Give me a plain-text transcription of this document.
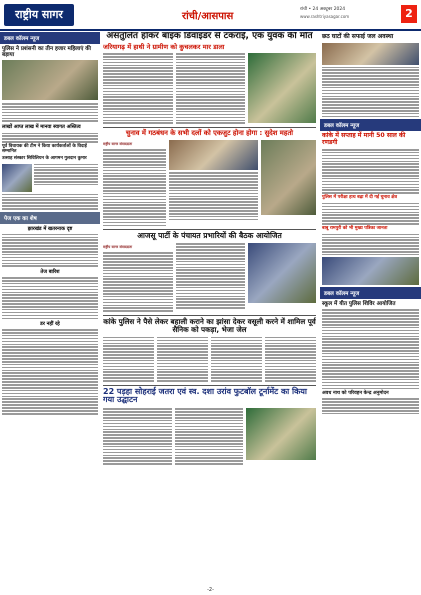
राष्ट्रीय सागर	रांची/आसपास
रांची • 24 अक्टूबर 2024
www.rashtriyasagar.com	2
डबल कॉलम न्यूज
पुलिस ने प्रशंसनी का तीन हजार महिलाएं की बड़ाया
लाखों आप्त लाख में मानवा स्वागत अस्तित्व
पूर्व विधायक की टीम ने किया कार्यकर्ताओं के विदाई सम्मानित
उत्साह संस्कार सिविलियन के आगमन गुलदान कुमार
पेज एक का शेष
झारखंड में खतरनाक दृष्ट
तेज बारिश
डर नहीं रहे
असंतुलित होकर बाइक डिवाइडर से टकराई, एक युवक की मौत
जरियागढ़ में हाथी ने ग्रामीण को कुचलकर मार डाला
चुनाव में गठबंधन के सभी दलों को एकजुट होना होगा : सुदेश महतो
राष्ट्रीय सागर संवाददाता
आजसू पार्टी के पंचायत प्रभारियों की बैठक आयोजित
राष्ट्रीय सागर संवाददाता
कांके पुलिस ने पैसे लेकर बहाली कराने का झांसा देकर वसूली करने में शामिल पूर्व सैनिक को पकड़ा, भेजा जेल
22 पड़हा सोहराई जतरा एवं स्व. दशा उरांव फुटबॉल टूर्नामेंट का किया गया उद्घाटन
छठ घाटों की सफाई जल अवस्था
डबल कॉलम न्यूज
कांके में सप्ताह में मानी 50 साल की रणडगी
पुलिस में परीक्षा हाथ बढ़ा में दी गई चुनाव क्षेत्र
बाबू रामपुरी को भी मुख्य पत्रिका जानता
डबल कॉलम न्यूज
स्कूल में यीत पुलिस शिविर आयोजित
अवध नाथ को परिवहन केन्द्र अनुमोदन
-2-
